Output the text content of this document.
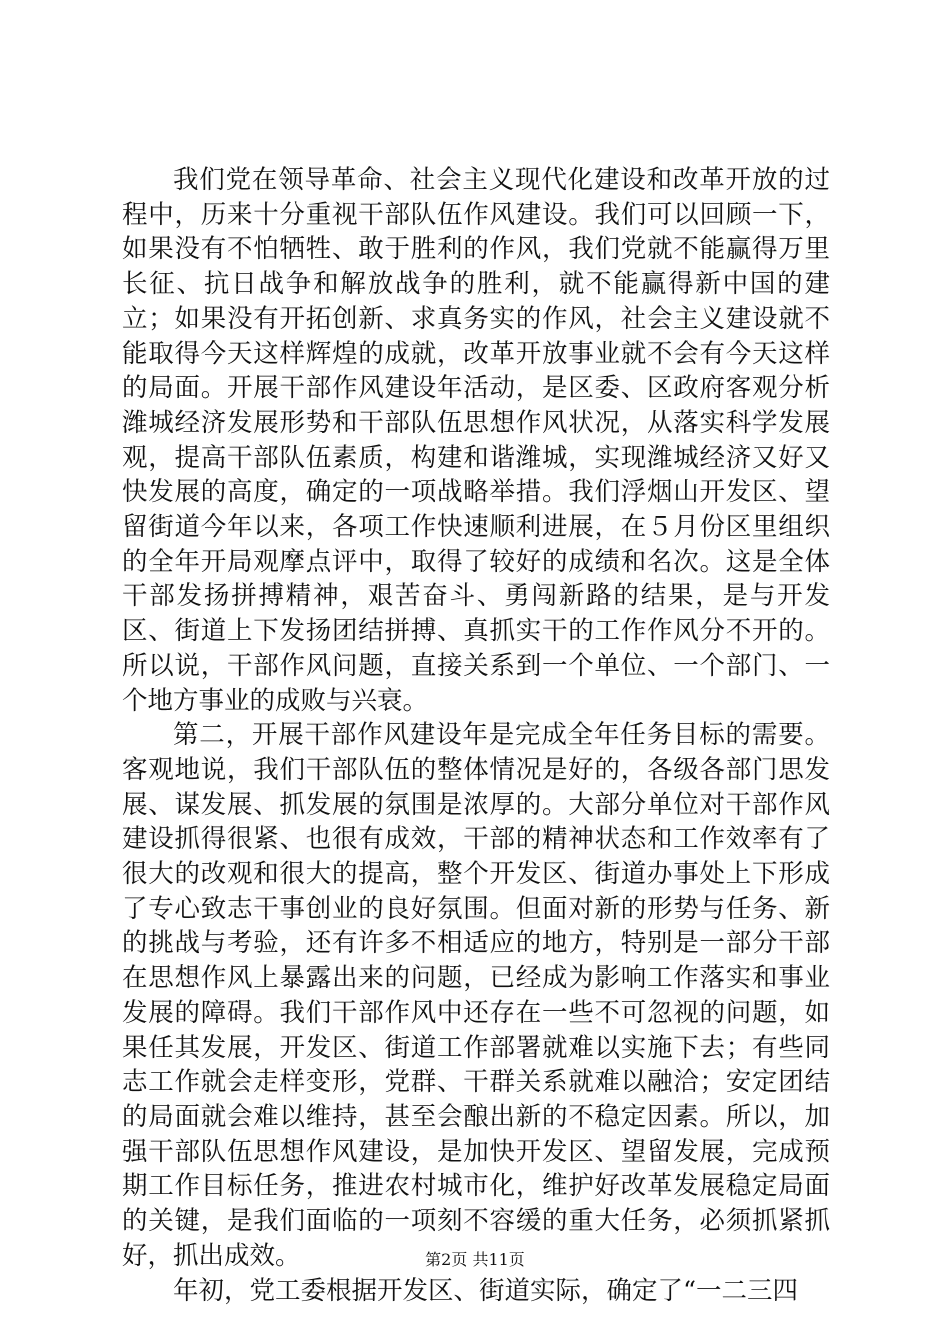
我们党在领导革命、社会主义现代化建设和改革开放的过程中，历来十分重视干部队伍作风建设。我们可以回顾一下，如果没有不怕牺牲、敢于胜利的作风，我们党就不能赢得万里长征、抗日战争和解放战争的胜利，就不能赢得新中国的建立；如果没有开拓创新、求真务实的作风，社会主义建设就不能取得今天这样辉煌的成就，改革开放事业就不会有今天这样的局面。开展干部作风建设年活动，是区委、区政府客观分析潍城经济发展形势和干部队伍思想作风状况，从落实科学发展观，提高干部队伍素质，构建和谐潍城，实现潍城经济又好又快发展的高度，确定的一项战略举措。我们浮烟山开发区、望留街道今年以来，各项工作快速顺利进展，在５月份区里组织的全年开局观摩点评中，取得了较好的成绩和名次。这是全体干部发扬拼搏精神，艰苦奋斗、勇闯新路的结果，是与开发区、街道上下发扬团结拼搏、真抓实干的工作作风分不开的。所以说，干部作风问题，直接关系到一个单位、一个部门、一个地方事业的成败与兴衰。

第二，开展干部作风建设年是完成全年任务目标的需要。客观地说，我们干部队伍的整体情况是好的，各级各部门思发展、谋发展、抓发展的氛围是浓厚的。大部分单位对干部作风建设抓得很紧、也很有成效，干部的精神状态和工作效率有了很大的改观和很大的提高，整个开发区、街道办事处上下形成了专心致志干事创业的良好氛围。但面对新的形势与任务、新的挑战与考验，还有许多不相适应的地方，特别是一部分干部在思想作风上暴露出来的问题，已经成为影响工作落实和事业发展的障碍。我们干部作风中还存在一些不可忽视的问题，如果任其发展，开发区、街道工作部署就难以实施下去；有些同志工作就会走样变形，党群、干群关系就难以融洽；安定团结的局面就会难以维持，甚至会酿出新的不稳定因素。所以，加强干部队伍思想作风建设，是加快开发区、望留发展，完成预期工作目标任务，推进农村城市化，维护好改革发展稳定局面的关键，是我们面临的一项刻不容缓的重大任务，必须抓紧抓好，抓出成效。

年初，党工委根据开发区、街道实际，确定了“一二三四

第2页 共11页
